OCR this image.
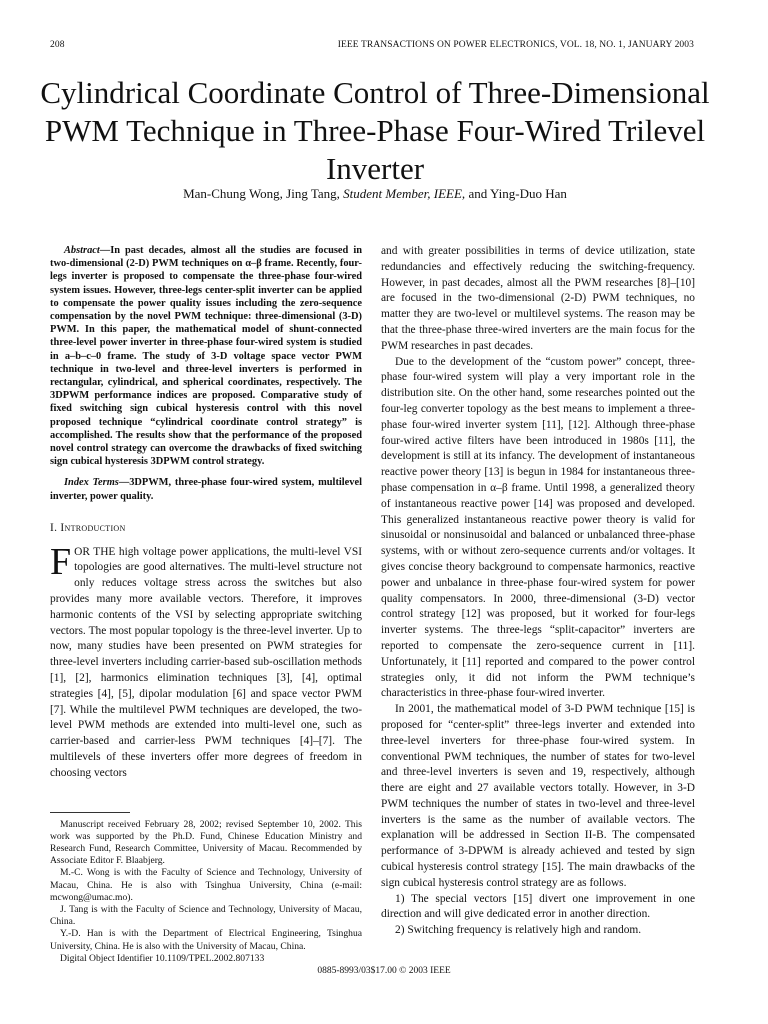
208	IEEE TRANSACTIONS ON POWER ELECTRONICS, VOL. 18, NO. 1, JANUARY 2003
Cylindrical Coordinate Control of Three-Dimensional PWM Technique in Three-Phase Four-Wired Trilevel Inverter
Man-Chung Wong, Jing Tang, Student Member, IEEE, and Ying-Duo Han

Abstract—In past decades, almost all the studies are focused in two-dimensional (2-D) PWM techniques on α–β frame. Recently, four-legs inverter is proposed to compensate the three-phase four-wired system issues. However, three-legs center-split inverter can be applied to compensate the power quality issues including the zero-sequence compensation by the novel PWM technique: three-dimensional (3-D) PWM. In this paper, the mathematical model of shunt-connected three-level power inverter in three-phase four-wired system is studied in a–b–c–0 frame. The study of 3-D voltage space vector PWM technique in two-level and three-level inverters is performed in rectangular, cylindrical, and spherical coordinates, respectively. The 3DPWM performance indices are proposed. Comparative study of fixed switching sign cubical hysteresis control with this novel proposed technique “cylindrical coordinate control strategy” is accomplished. The results show that the performance of the proposed novel control strategy can overcome the drawbacks of fixed switching sign cubical hysteresis 3DPWM control strategy.

Index Terms—3DPWM, three-phase four-wired system, multilevel inverter, power quality.

I. Introduction

FOR THE high voltage power applications, the multi-level VSI topologies are good alternatives. The multi-level structure not only reduces voltage stress across the switches but also provides many more available vectors. Therefore, it improves harmonic contents of the VSI by selecting appropriate switching vectors. The most popular topology is the three-level inverter. Up to now, many studies have been presented on PWM strategies for three-level inverters including carrier-based sub-oscillation methods [1], [2], harmonics elimination techniques [3], [4], optimal strategies [4], [5], dipolar modulation [6] and space vector PWM [7]. While the multilevel PWM techniques are developed, the two-level PWM methods are extended into multi-level one, such as carrier-based and carrier-less PWM techniques [4]–[7]. The multilevels of these inverters offer more degrees of freedom in choosing vectors

Manuscript received February 28, 2002; revised September 10, 2002. This work was supported by the Ph.D. Fund, Chinese Education Ministry and Research Fund, Research Committee, University of Macau. Recommended by Associate Editor F. Blaabjerg.

M.-C. Wong is with the Faculty of Science and Technology, University of Macau, China. He is also with Tsinghua University, China (e-mail: mcwong@umac.mo).

J. Tang is with the Faculty of Science and Technology, University of Macau, China.

Y.-D. Han is with the Department of Electrical Engineering, Tsinghua University, China. He is also with the University of Macau, China.

Digital Object Identifier 10.1109/TPEL.2002.807133

and with greater possibilities in terms of device utilization, state redundancies and effectively reducing the switching-frequency. However, in past decades, almost all the PWM researches [8]–[10] are focused in the two-dimensional (2-D) PWM techniques, no matter they are two-level or multilevel systems. The reason may be that the three-phase three-wired inverters are the main focus for the PWM researches in past decades.

Due to the development of the “custom power” concept, three-phase four-wired system will play a very important role in the distribution site. On the other hand, some researches pointed out the four-leg converter topology as the best means to implement a three-phase four-wired inverter system [11], [12]. Although three-phase four-wired active filters have been introduced in 1980s [11], the development is still at its infancy. The development of instantaneous reactive power theory [13] is begun in 1984 for instantaneous three-phase compensation in α–β frame. Until 1998, a generalized theory of instantaneous reactive power [14] was proposed and developed. This generalized instantaneous reactive power theory is valid for sinusoidal or nonsinusoidal and balanced or unbalanced three-phase systems, with or without zero-sequence currents and/or voltages. It gives concise theory background to compensate harmonics, reactive power and unbalance in three-phase four-wired system for power quality compensators. In 2000, three-dimensional (3-D) vector control strategy [12] was proposed, but it worked for four-legs inverter systems. The three-legs “split-capacitor” inverters are reported to compensate the zero-sequence current in [11]. Unfortunately, it [11] reported and compared to the power control strategies only, it did not inform the PWM technique’s characteristics in three-phase four-wired inverter.

In 2001, the mathematical model of 3-D PWM technique [15] is proposed for “center-split” three-legs inverter and extended into three-level inverters for three-phase four-wired system. In conventional PWM techniques, the number of states for two-level and three-level inverters is seven and 19, respectively, although there are eight and 27 available vectors totally. However, in 3-D PWM techniques the number of states in two-level and three-level inverters is the same as the number of available vectors. The explanation will be addressed in Section II-B. The compensated performance of 3-DPWM is already achieved and tested by sign cubical hysteresis control strategy [15]. The main drawbacks of the sign cubical hysteresis control strategy are as follows.

1) The special vectors [15] divert one improvement in one direction and will give dedicated error in another direction.

2) Switching frequency is relatively high and random.

0885-8993/03$17.00 © 2003 IEEE
